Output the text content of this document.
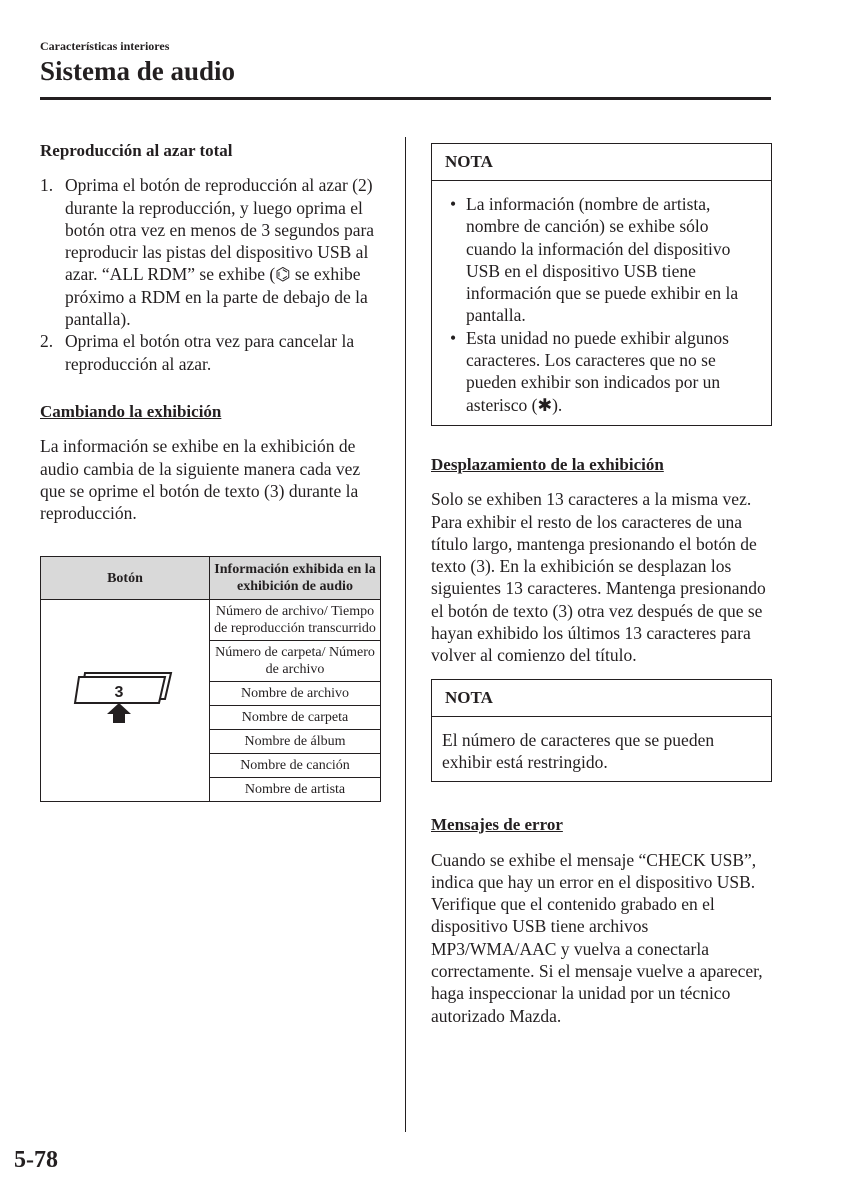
Características interiores
Sistema de audio

Reproducción al azar total

1. Oprima el botón de reproducción al azar (2) durante la reproducción, y luego oprima el botón otra vez en menos de 3 segundos para reproducir las pistas del dispositivo USB al azar. “ALL RDM” se exhibe (⌬ se exhibe próximo a RDM en la parte de debajo de la pantalla).
2. Oprima el botón otra vez para cancelar la reproducción al azar.

Cambiando la exhibición

La información se exhibe en la exhibición de audio cambia de la siguiente manera cada vez que se oprime el botón de texto (3) durante la reproducción.

Botón	Información exhibida en la exhibición de audio

3	Número de archivo/ Tiempo de reproducción transcurrido
	Número de carpeta/ Número de archivo
	Nombre de archivo
	Nombre de carpeta
	Nombre de álbum
	Nombre de canción
	Nombre de artista
NOTA
• La información (nombre de artista, nombre de canción) se exhibe sólo cuando la información del dispositivo USB en el dispositivo USB tiene información que se puede exhibir en la pantalla.
• Esta unidad no puede exhibir algunos caracteres. Los caracteres que no se pueden exhibir son indicados por un asterisco (✱).

Desplazamiento de la exhibición

Solo se exhiben 13 caracteres a la misma vez. Para exhibir el resto de los caracteres de una título largo, mantenga presionando el botón de texto (3). En la exhibición se desplazan los siguientes 13 caracteres. Mantenga presionando el botón de texto (3) otra vez después de que se hayan exhibido los últimos 13 caracteres para volver al comienzo del título.

NOTA

El número de caracteres que se pueden exhibir está restringido.

Mensajes de error

Cuando se exhibe el mensaje “CHECK USB”, indica que hay un error en el dispositivo USB. Verifique que el contenido grabado en el dispositivo USB tiene archivos MP3/WMA/AAC y vuelva a conectarla correctamente. Si el mensaje vuelve a aparecer, haga inspeccionar la unidad por un técnico autorizado Mazda.

5-78
